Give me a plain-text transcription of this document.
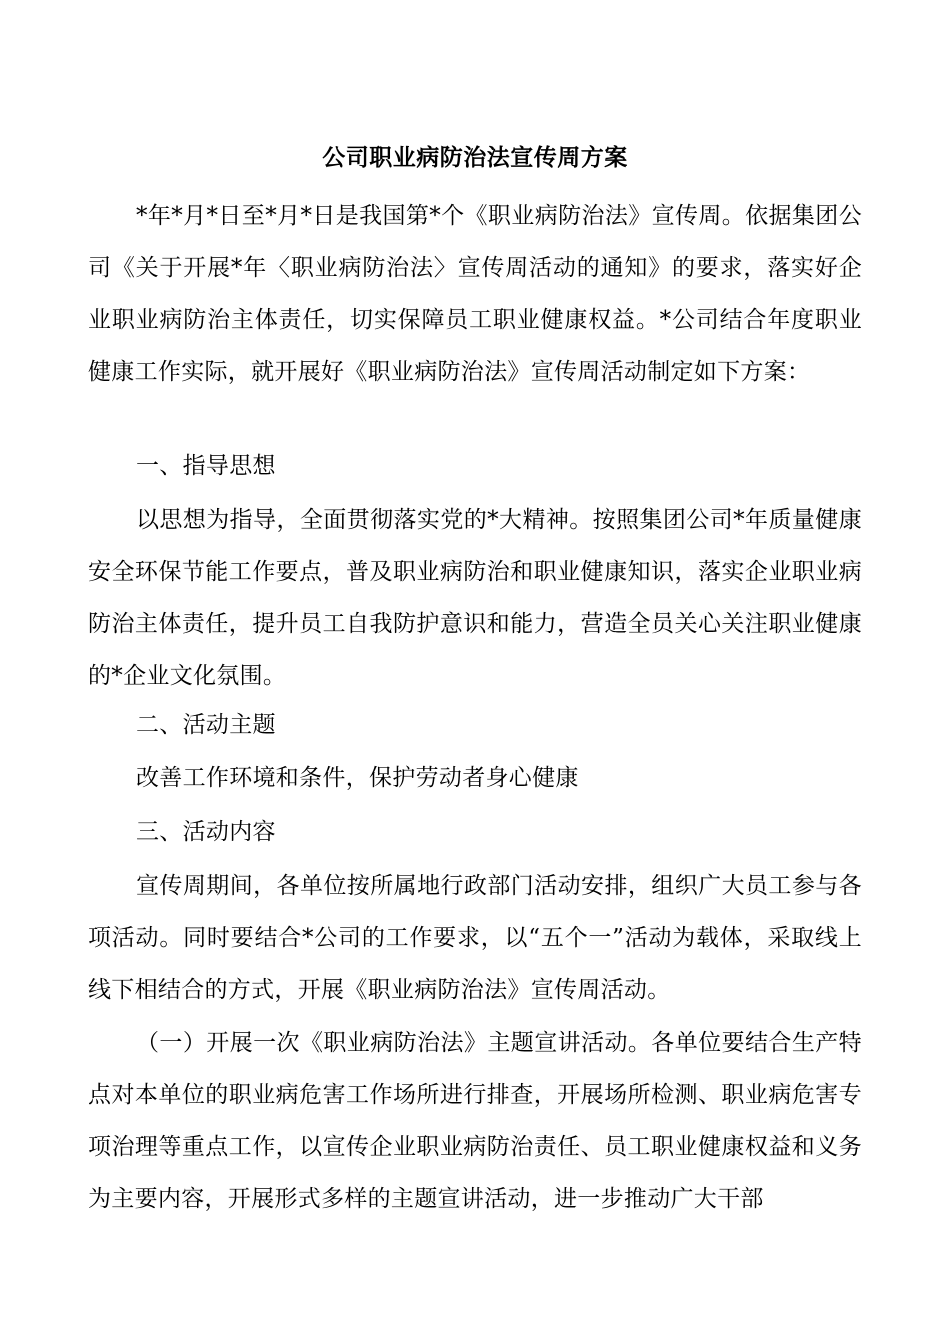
公司职业病防治法宣传周方案
*年*月*日至*月*日是我国第*个《职业病防治法》宣传周。依据集团公司《关于开展*年〈职业病防治法〉宣传周活动的通知》的要求，落实好企业职业病防治主体责任，切实保障员工职业健康权益。*公司结合年度职业健康工作实际，就开展好《职业病防治法》宣传周活动制定如下方案：
一、指导思想
以思想为指导，全面贯彻落实党的*大精神。按照集团公司*年质量健康安全环保节能工作要点，普及职业病防治和职业健康知识，落实企业职业病防治主体责任，提升员工自我防护意识和能力，营造全员关心关注职业健康的*企业文化氛围。
二、活动主题
改善工作环境和条件，保护劳动者身心健康
三、活动内容
宣传周期间，各单位按所属地行政部门活动安排，组织广大员工参与各项活动。同时要结合*公司的工作要求，以“五个一”活动为载体，采取线上线下相结合的方式，开展《职业病防治法》宣传周活动。
（一）开展一次《职业病防治法》主题宣讲活动。各单位要结合生产特点对本单位的职业病危害工作场所进行排查，开展场所检测、职业病危害专项治理等重点工作，以宣传企业职业病防治责任、员工职业健康权益和义务为主要内容，开展形式多样的主题宣讲活动，进一步推动广大干部
